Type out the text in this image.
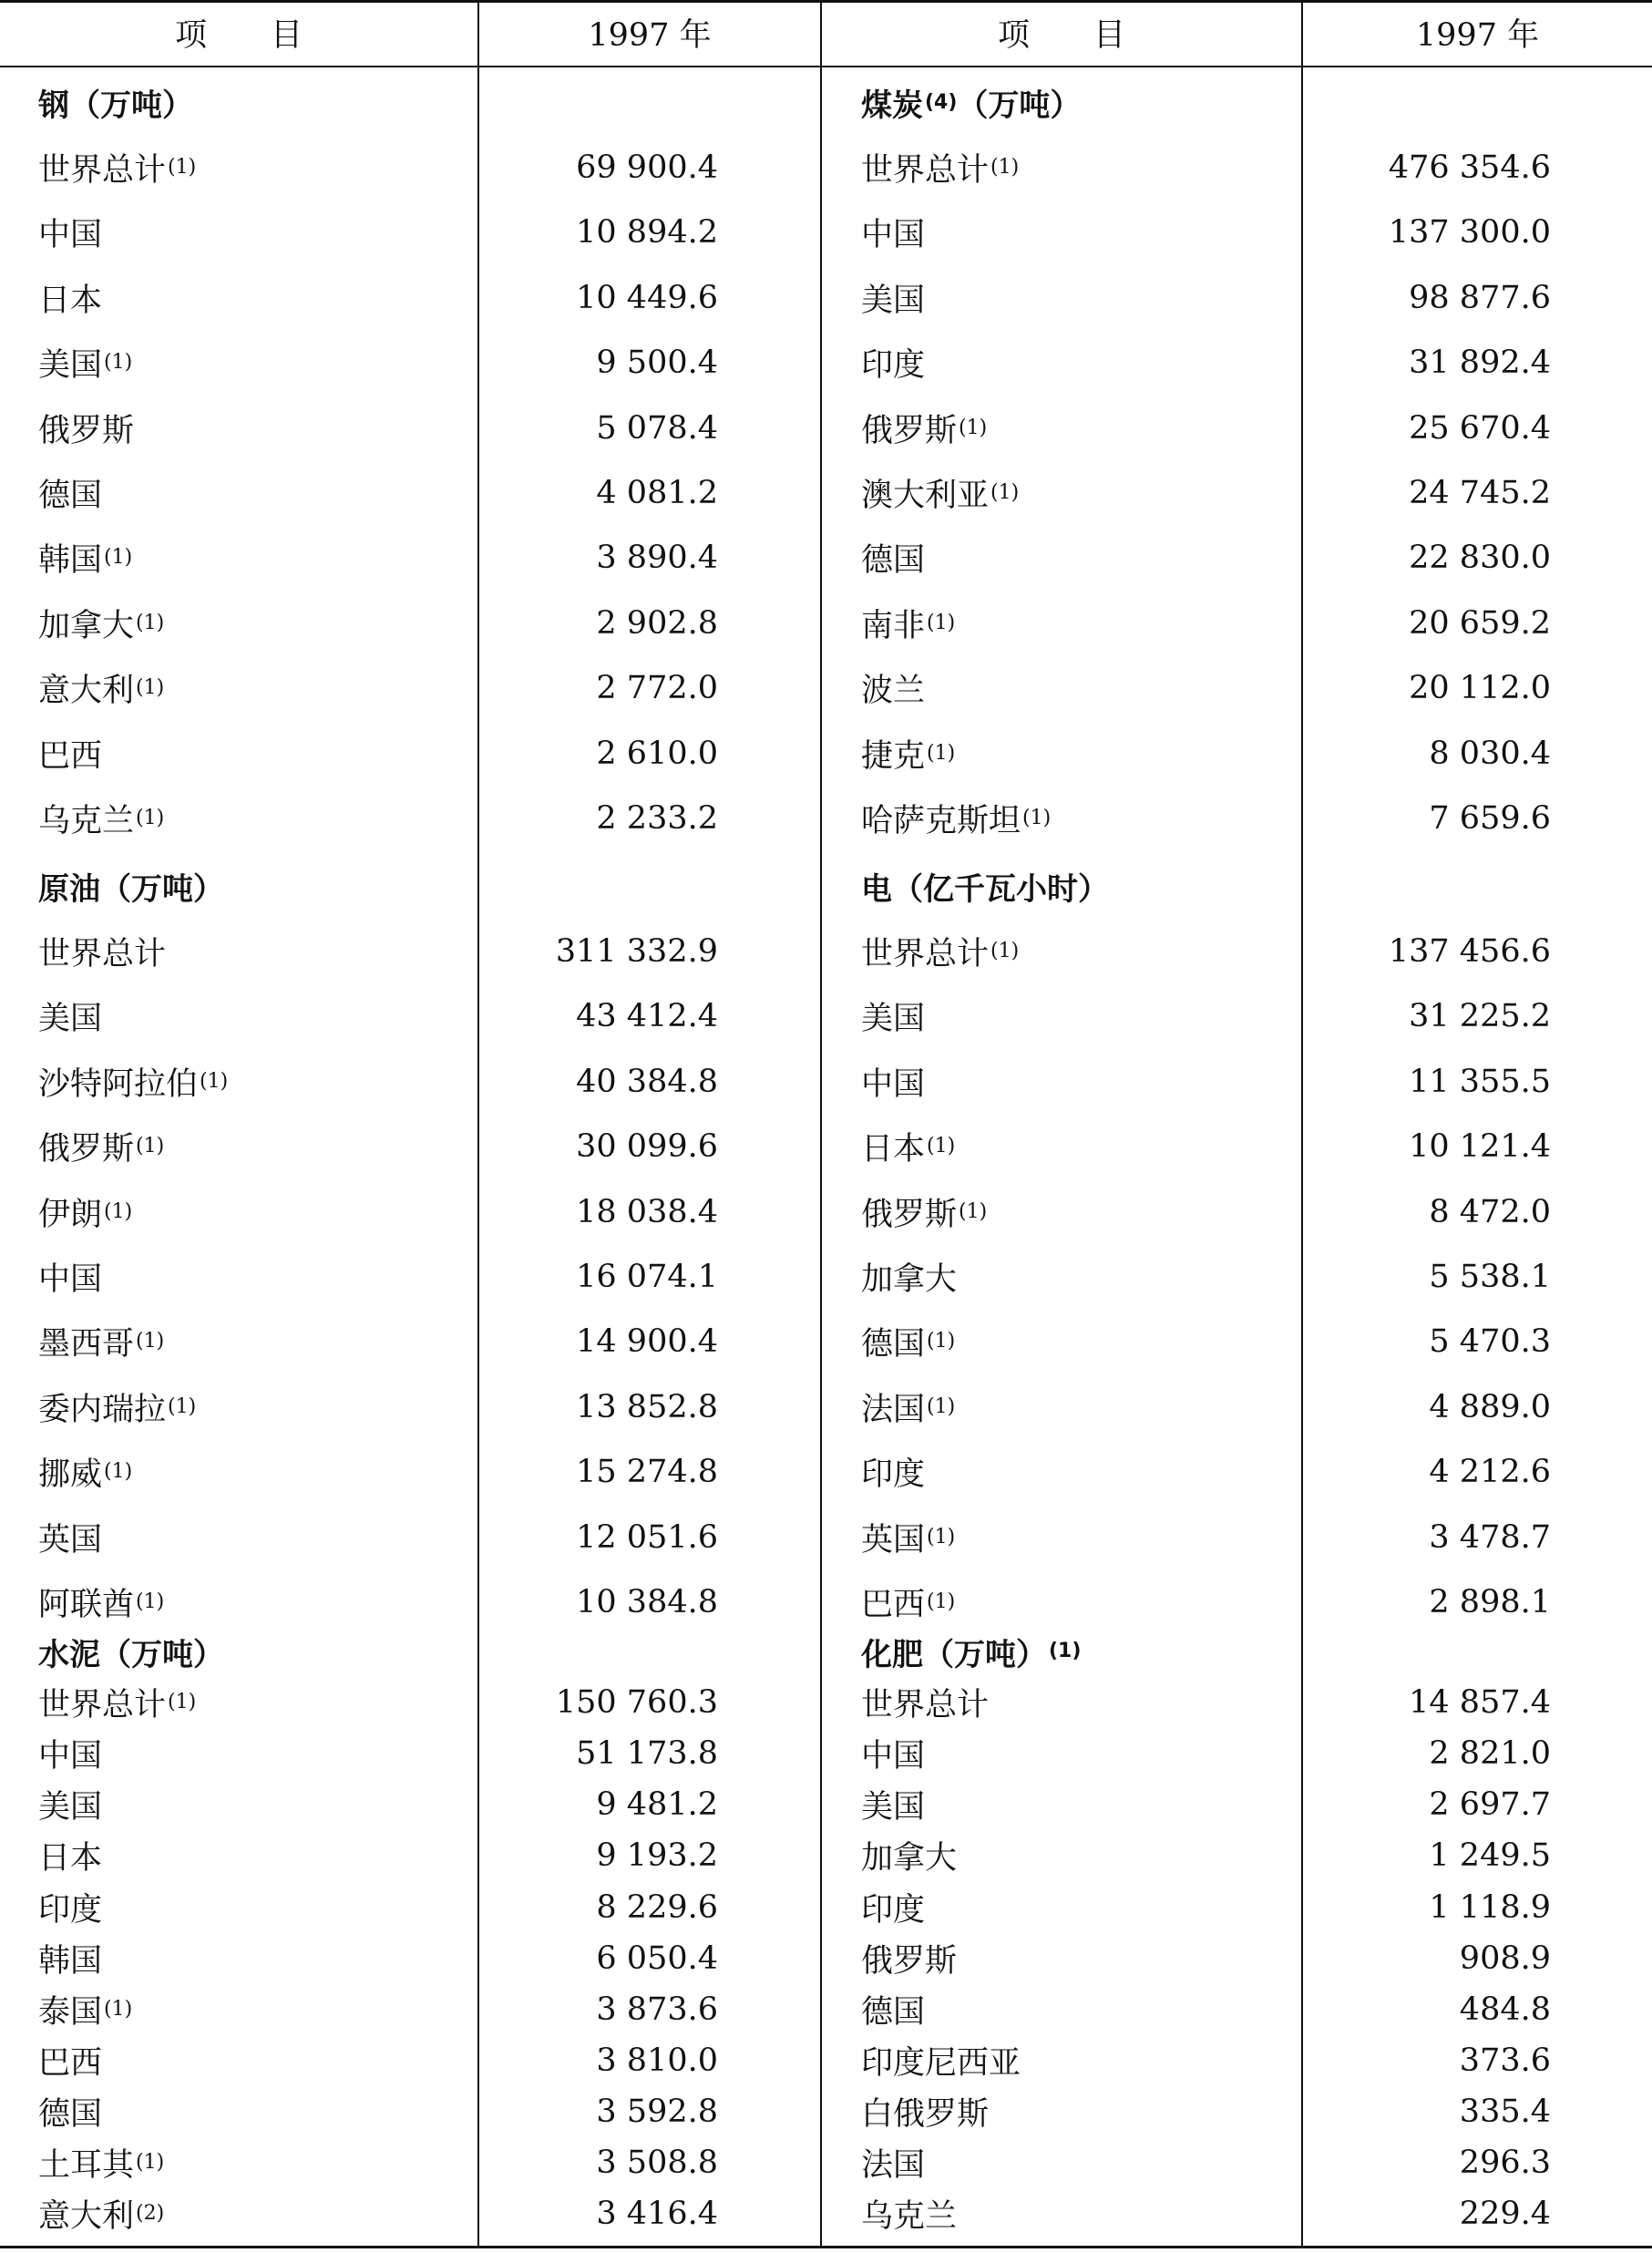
项　　目	1997 年	项　　目	1997 年
钢（万吨）	煤炭 (4) （万吨）
世界总计 (1)	69 900.4	世界总计 (1)	476 354.6
中国	10 894.2	中国	137 300.0
日本	10 449.6	美国	98 877.6
美国 (1)	9 500.4	印度	31 892.4
俄罗斯	5 078.4	俄罗斯 (1)	25 670.4
德国	4 081.2	澳大利亚 (1)	24 745.2
韩国 (1)	3 890.4	德国	22 830.0
加拿大 (1)	2 902.8	南非 (1)	20 659.2
意大利 (1)	2 772.0	波兰	20 112.0
巴西	2 610.0	捷克 (1)	8 030.4
乌克兰 (1)	2 233.2	哈萨克斯坦 (1)	7 659.6
原油（万吨）	电（亿千瓦小时）
世界总计	311 332.9	世界总计 (1)	137 456.6
美国	43 412.4	美国	31 225.2
沙特阿拉伯 (1)	40 384.8	中国	11 355.5
俄罗斯 (1)	30 099.6	日本 (1)	10 121.4
伊朗 (1)	18 038.4	俄罗斯 (1)	8 472.0
中国	16 074.1	加拿大	5 538.1
墨西哥 (1)	14 900.4	德国 (1)	5 470.3
委内瑞拉 (1)	13 852.8	法国 (1)	4 889.0
挪威 (1)	15 274.8	印度	4 212.6
英国	12 051.6	英国 (1)	3 478.7
阿联酋 (1)	10 384.8	巴西 (1)	2 898.1
水泥（万吨）	化肥（万吨） (1)
世界总计 (1)	150 760.3	世界总计	14 857.4
中国	51 173.8	中国	2 821.0
美国	9 481.2	美国	2 697.7
日本	9 193.2	加拿大	1 249.5
印度	8 229.6	印度	1 118.9
韩国	6 050.4	俄罗斯	908.9
泰国 (1)	3 873.6	德国	484.8
巴西	3 810.0	印度尼西亚	373.6
德国	3 592.8	白俄罗斯	335.4
土耳其 (1)	3 508.8	法国	296.3
意大利 (2)	3 416.4	乌克兰	229.4
